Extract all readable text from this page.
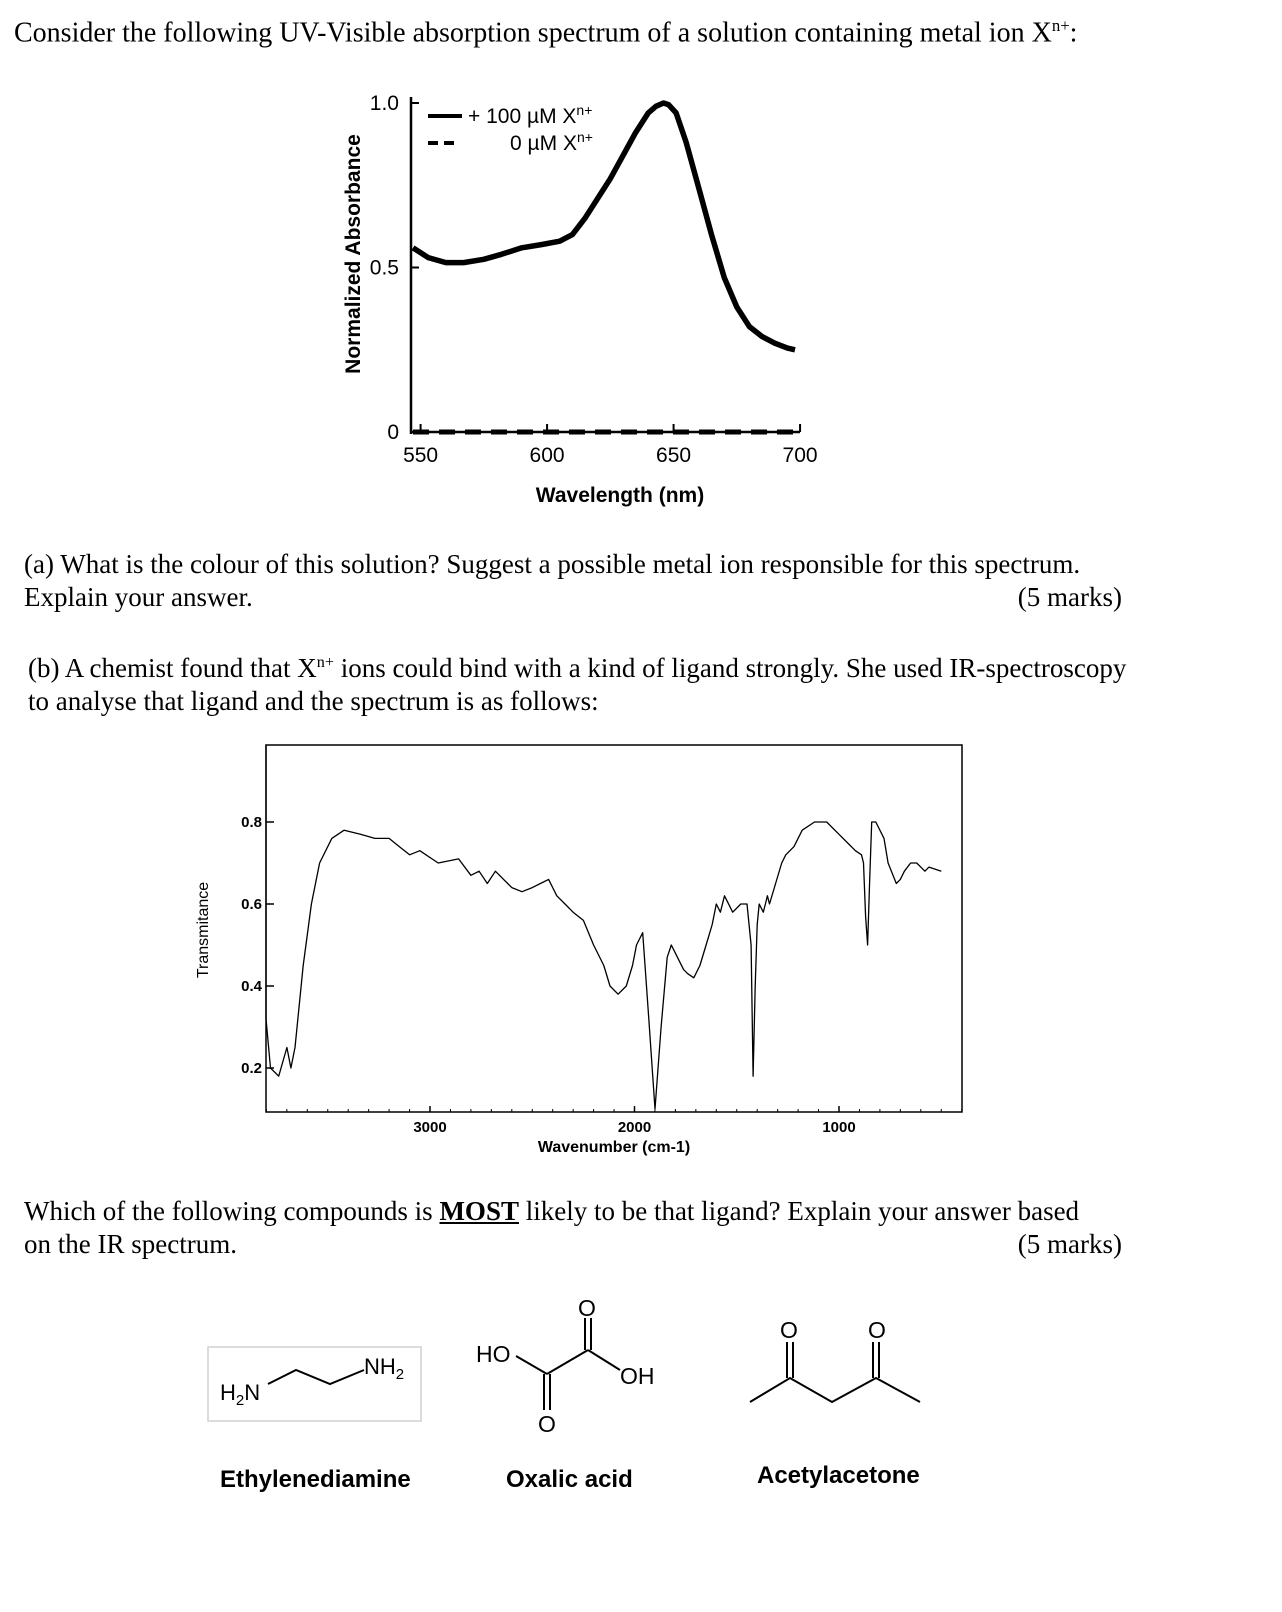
Consider the following UV-Visible absorption spectrum of a solution containing metal ion $X^{n+}$:
550	600	650	700
0
0.5
1.0
Normalized Absorbance
Wavelength (nm)
+ 100 µM $X^{n+}$
0 µM $X^{n+}$
(a) What is the colour of this solution? Suggest a possible metal ion responsible for this spectrum.
Explain your answer.	(5 marks)
(b) A chemist found that $X^{n+}$ ions could bind with a kind of ligand strongly. She used IR-spectroscopy
to analyse that ligand and the spectrum is as follows:
3000	2000	1000
0.8
0.6
0.4
0.2
Transmitance
Wavenumber (cm-1)
Which of the following compounds is MOST likely to be that ligand? Explain your answer based
on the IR spectrum.	(5 marks)
$H_2N$
$NH_2$
HO
OH
O
O
O	O
Ethylenediamine	Oxalic acid	Acetylacetone
